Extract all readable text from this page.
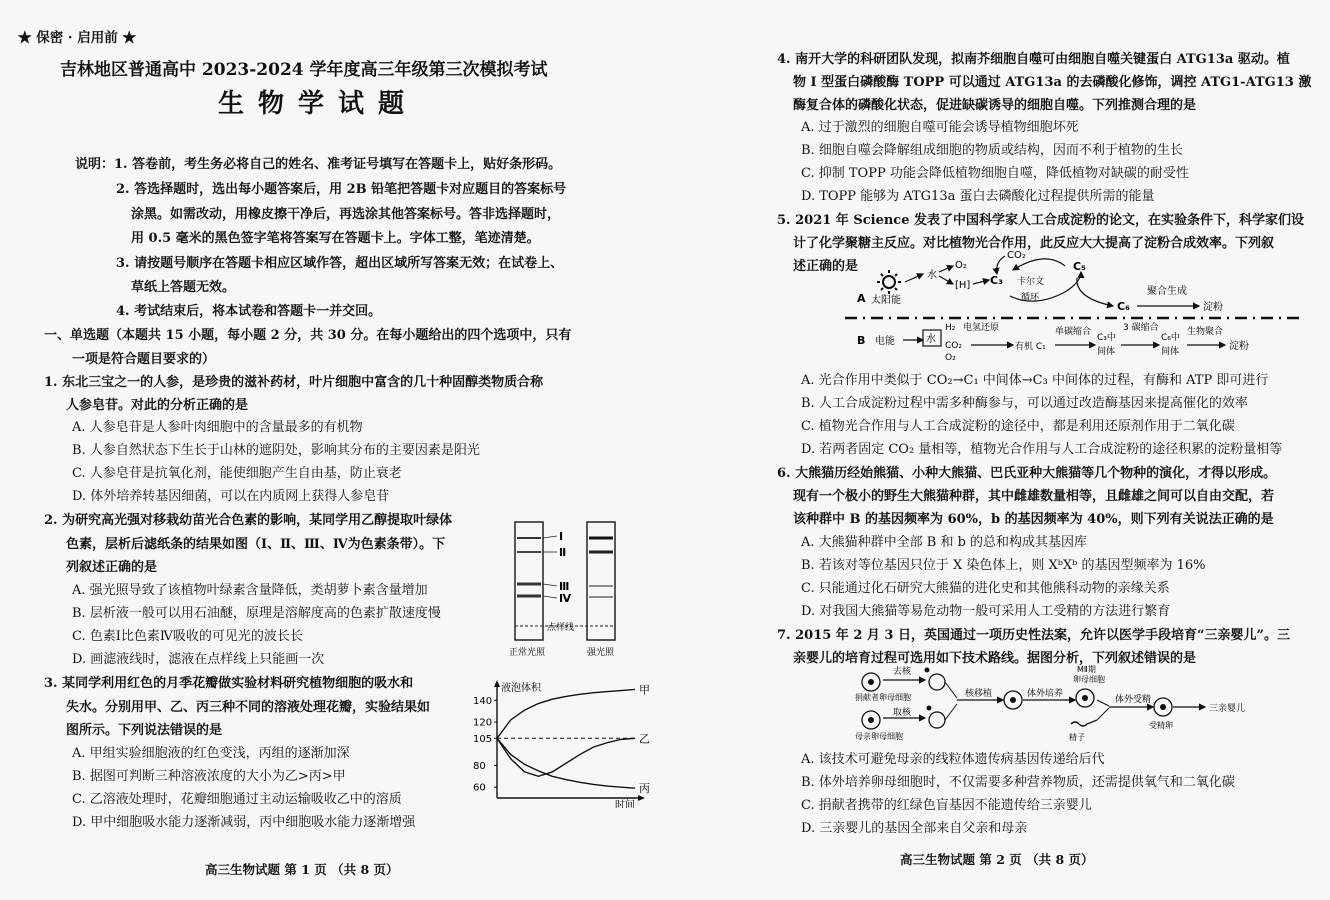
★ 保密 · 启用前 ★
吉林地区普通高中 2023-2024 学年度高三年级第三次模拟考试
生物学试题
说明：1. 答卷前，考生务必将自己的姓名、准考证号填写在答题卡上，贴好条形码。
2. 答选择题时，选出每小题答案后，用 2B 铅笔把答题卡对应题目的答案标号
涂黑。如需改动，用橡皮擦干净后，再选涂其他答案标号。答非选择题时，
用 0.5 毫米的黑色签字笔将答案写在答题卡上。字体工整，笔迹清楚。
3. 请按题号顺序在答题卡相应区域作答，超出区域所写答案无效；在试卷上、
草纸上答题无效。
4. 考试结束后，将本试卷和答题卡一并交回。
一、单选题（本题共 15 小题，每小题 2 分，共 30 分。在每小题给出的四个选项中，只有
一项是符合题目要求的）
1. 东北三宝之一的人参，是珍贵的滋补药材，叶片细胞中富含的几十种固醇类物质合称
人参皂苷。对此的分析正确的是
A. 人参皂苷是人参叶肉细胞中的含量最多的有机物
B. 人参自然状态下生长于山林的遮阴处，影响其分布的主要因素是阳光
C. 人参皂苷是抗氧化剂，能使细胞产生自由基，防止衰老
D. 体外培养转基因细菌，可以在内质网上获得人参皂苷
2. 为研究高光强对移栽幼苗光合色素的影响，某同学用乙醇提取叶绿体
色素，层析后滤纸条的结果如图（Ⅰ、Ⅱ、Ⅲ、Ⅳ为色素条带）。下
列叙述正确的是
A. 强光照导致了该植物叶绿素含量降低，类胡萝卜素含量增加
B. 层析液一般可以用石油醚，原理是溶解度高的色素扩散速度慢
C. 色素Ⅰ比色素Ⅳ吸收的可见光的波长长
D. 画滤液线时，滤液在点样线上只能画一次
Ⅰ
Ⅱ
Ⅲ
Ⅳ
点样线
正常光照	强光照
3. 某同学利用红色的月季花瓣做实验材料研究植物细胞的吸水和
失水。分别用甲、乙、丙三种不同的溶液处理花瓣，实验结果如
图所示。下列说法错误的是
A. 甲组实验细胞液的红色变浅，丙组的逐渐加深
B. 据图可判断三种溶液浓度的大小为乙>丙>甲
C. 乙溶液处理时，花瓣细胞通过主动运输吸收乙中的溶质
D. 甲中细胞吸水能力逐渐减弱，丙中细胞吸水能力逐渐增强
液泡体积
时间
140
120
105
80
60
甲
乙
丙
高三生物试题 第 1 页 （共 8 页）
4. 南开大学的科研团队发现，拟南芥细胞自噬可由细胞自噬关键蛋白 ATG13a 驱动。植
物 Ⅰ 型蛋白磷酸酶 TOPP 可以通过 ATG13a 的去磷酸化修饰，调控 ATG1-ATG13 激
酶复合体的磷酸化状态，促进缺碳诱导的细胞自噬。下列推测合理的是
A. 过于激烈的细胞自噬可能会诱导植物细胞坏死
B. 细胞自噬会降解组成细胞的物质或结构，因而不利于植物的生长
C. 抑制 TOPP 功能会降低植物细胞自噬，降低植物对缺碳的耐受性
D. TOPP 能够为 ATG13a 蛋白去磷酸化过程提供所需的能量
5. 2021 年 Science 发表了中国科学家人工合成淀粉的论文，在实验条件下，科学家们设
计了化学聚糖主反应。对比植物光合作用，此反应大大提高了淀粉合成效率。下列叙
述正确的是
A 太阳能
水
O₂
[H]
CO₂
C₃ 卡尔文
循环
C₅
C₆
聚合生成
淀粉
B 电能	水
H₂ 电氢还原
CO₂
O₂
有机 C₁
单碳缩合
C₃中
间体
3 碳缩合
C₆中
间体
生物聚合
淀粉
A. 光合作用中类似于 CO₂→C₁ 中间体→C₃ 中间体的过程，有酶和 ATP 即可进行
B. 人工合成淀粉过程中需多种酶参与，可以通过改造酶基因来提高催化的效率
C. 植物光合作用与人工合成淀粉的途径中，都是利用还原剂作用于二氧化碳
D. 若两者固定 CO₂ 量相等，植物光合作用与人工合成淀粉的途径积累的淀粉量相等
6. 大熊猫历经始熊猫、小种大熊猫、巴氏亚种大熊猫等几个物种的演化，才得以形成。
现有一个极小的野生大熊猫种群，其中雌雄数量相等，且雌雄之间可以自由交配，若
该种群中 B 的基因频率为 60%，b 的基因频率为 40%，则下列有关说法正确的是
A. 大熊猫种群中全部 B 和 b 的总和构成其基因库
B. 若该对等位基因只位于 X 染色体上，则 XᵇXᵇ 的基因型频率为 16%
C. 只能通过化石研究大熊猫的进化史和其他熊科动物的亲缘关系
D. 对我国大熊猫等易危动物一般可采用人工受精的方法进行繁育
7. 2015 年 2 月 3 日，英国通过一项历史性法案，允许以医学手段培育“三亲婴儿”。三
亲婴儿的培育过程可选用如下技术路线。据图分析，下列叙述错误的是
捐献者卵母细胞
去核
母亲卵母细胞
取核
核移植	体外培养
MⅡ期
卵母细胞
精子
体外受精
受精卵
三亲婴儿
A. 该技术可避免母亲的线粒体遗传病基因传递给后代
B. 体外培养卵母细胞时，不仅需要多种营养物质，还需提供氧气和二氧化碳
C. 捐献者携带的红绿色盲基因不能遗传给三亲婴儿
D. 三亲婴儿的基因全部来自父亲和母亲
高三生物试题 第 2 页 （共 8 页）
